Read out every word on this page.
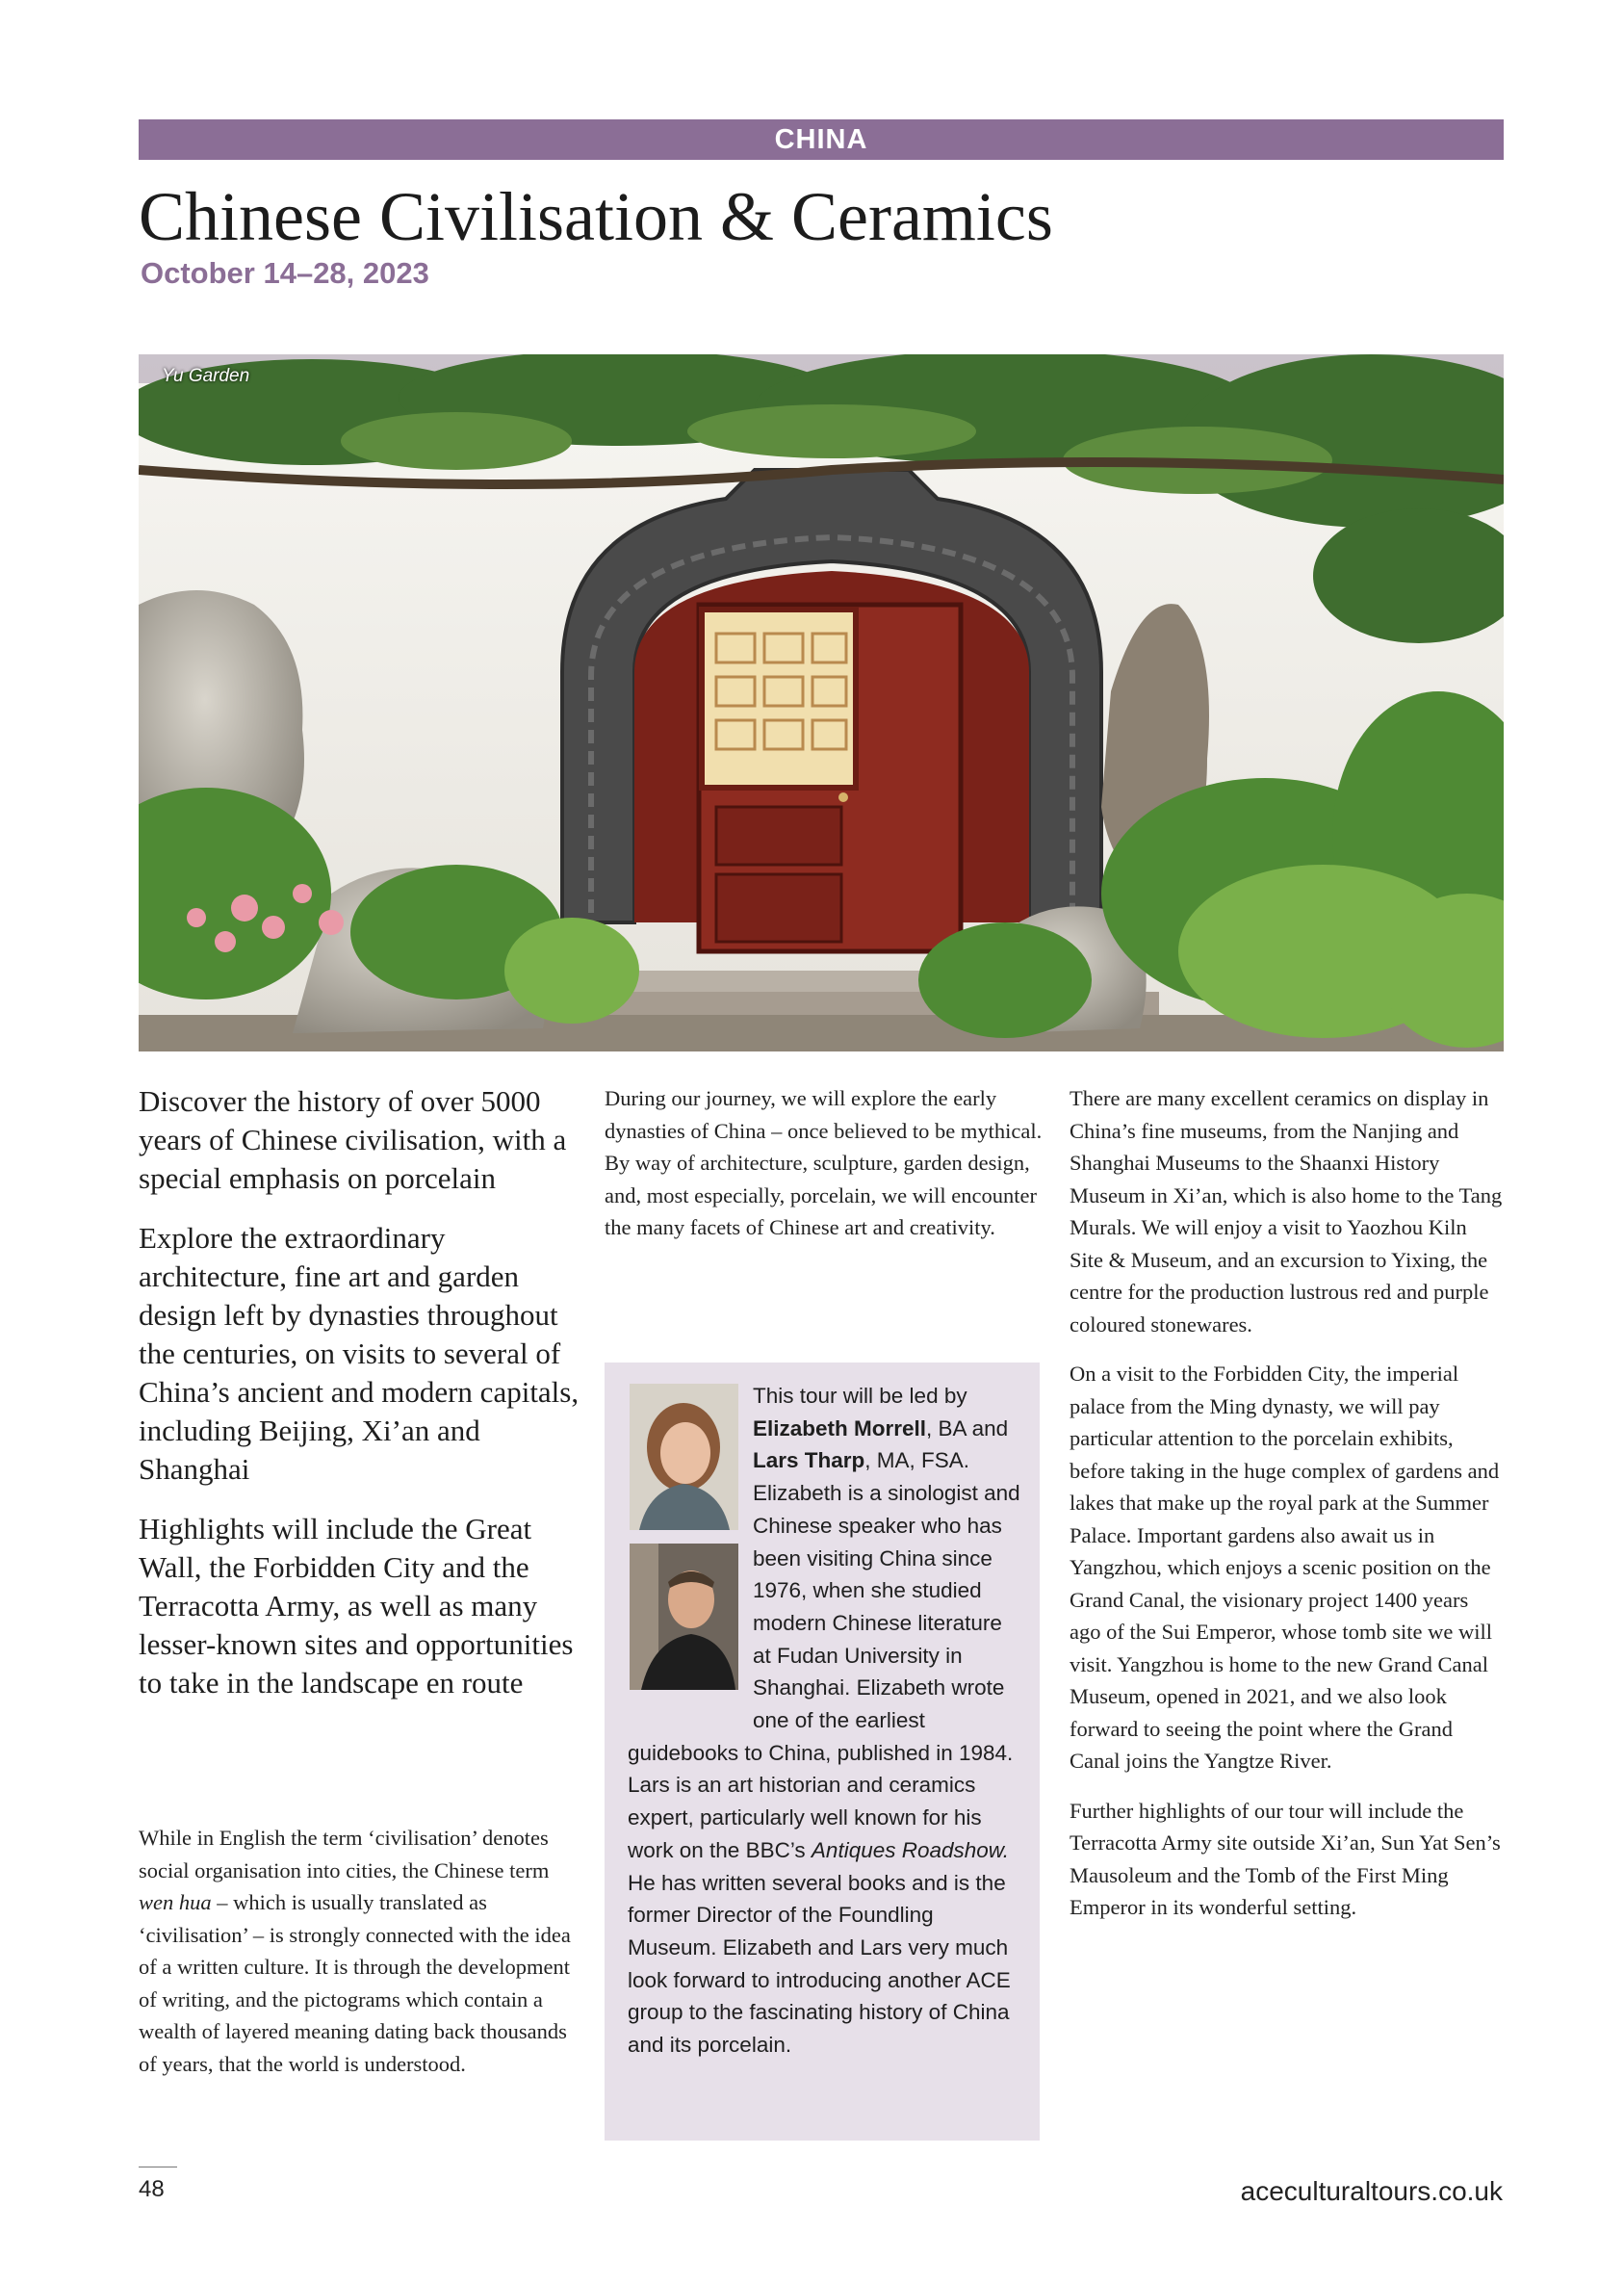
CHINA
Chinese Civilisation & Ceramics
October 14–28, 2023
Yu Garden

Discover the history of over 5000 years of Chinese civilisation, with a special emphasis on porcelain

Explore the extraordinary architecture, fine art and garden design left by dynasties throughout the centuries, on visits to several of China’s ancient and modern capitals, including Beijing, Xi’an and Shanghai

Highlights will include the Great Wall, the Forbidden City and the Terracotta Army, as well as many lesser-known sites and opportunities to take in the landscape en route

While in English the term ‘civilisation’ denotes social organisation into cities, the Chinese term wen hua – which is usually translated as ‘civilisation’ – is strongly connected with the idea of a written culture. It is through the development of writing, and the pictograms which contain a wealth of layered meaning dating back thousands of years, that the world is understood.

During our journey, we will explore the early dynasties of China – once believed to be mythical. By way of architecture, sculpture, garden design, and, most especially, porcelain, we will encounter the many facets of Chinese art and creativity.

This tour will be led by Elizabeth Morrell, BA and Lars Tharp, MA, FSA. Elizabeth is a sinologist and Chinese speaker who has been visiting China since 1976, when she studied modern Chinese literature at Fudan University in Shanghai. Elizabeth wrote one of the earliest guidebooks to China, published in 1984. Lars is an art historian and ceramics expert, particularly well known for his work on the BBC’s Antiques Roadshow. He has written several books and is the former Director of the Foundling Museum. Elizabeth and Lars very much look forward to introducing another ACE group to the fascinating history of China and its porcelain.

There are many excellent ceramics on display in China’s fine museums, from the Nanjing and Shanghai Museums to the Shaanxi History Museum in Xi’an, which is also home to the Tang Murals. We will enjoy a visit to Yaozhou Kiln Site & Museum, and an excursion to Yixing, the centre for the production lustrous red and purple coloured stonewares.

On a visit to the Forbidden City, the imperial palace from the Ming dynasty, we will pay particular attention to the porcelain exhibits, before taking in the huge complex of gardens and lakes that make up the royal park at the Summer Palace. Important gardens also await us in Yangzhou, which enjoys a scenic position on the Grand Canal, the visionary project 1400 years ago of the Sui Emperor, whose tomb site we will visit. Yangzhou is home to the new Grand Canal Museum, opened in 2021, and we also look forward to seeing the point where the Grand Canal joins the Yangtze River.

Further highlights of our tour will include the Terracotta Army site outside Xi’an, Sun Yat Sen’s Mausoleum and the Tomb of the First Ming Emperor in its wonderful setting.

48	aceculturaltours.co.uk
